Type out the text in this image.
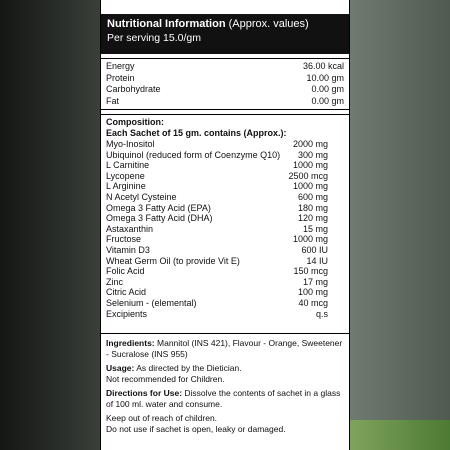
Nutritional Information (Approx. values)
Per serving 15.0/gm
Energy	36.00 kcal
Protein	10.00 gm
Carbohydrate	0.00 gm
Fat	0.00 gm
Composition:
Each Sachet of 15 gm. contains (Approx.):
Myo-Inositol	2000 mg
Ubiquinol (reduced form of Coenzyme Q10) 300 mg
L Carnitine	1000 mg
Lycopene	2500 mcg
L Arginine	1000 mg
N Acetyl Cysteine	600 mg
Omega 3 Fatty Acid (EPA)	180 mg
Omega 3 Fatty Acid (DHA)	120 mg
Astaxanthin	15 mg
Fructose	1000 mg
Vitamin D3	600 IU
Wheat Germ Oil (to provide Vit E)	14 IU
Folic Acid	150 mcg
Zinc	17 mg
Citric Acid	100 mg
Selenium - (elemental)	40 mcg
Excipients	q.s

Ingredients: Mannitol (INS 421), Flavour - Orange, Sweetener - Sucralose (INS 955)

Usage: As directed by the Dietician.

Not recommended for Children.

Directions for Use: Dissolve the contents of sachet in a glass of 100 ml. water and consume.

Keep out of reach of children.

Do not use if sachet is open, leaky or damaged.
